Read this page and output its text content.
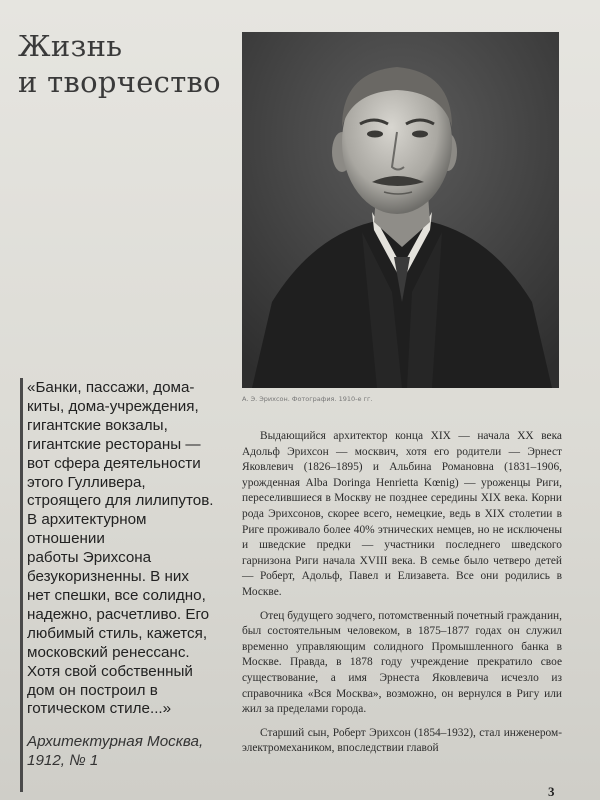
Жизнь
и творчество
А. Э. Эрихсон. Фотография. 1910-е гг.

«Банки, пассажи, дома-
киты, дома-учреждения,
гигантские вокзалы,
гигантские рестораны —
вот сфера деятельности
этого Гулливера,
строящего для лилипутов.
В архитектурном
отношении
работы Эрихсона
безукоризненны. В них
нет спешки, все солидно,
надежно, расчетливо. Его
любимый стиль, кажется,
московский ренессанс.
Хотя свой собственный
дом он построил в
готическом стиле...»

Архитектурная Москва,
1912, № 1

Выдающийся архитектор конца XIX — начала XX века Адольф Эрихсон — москвич, хотя его родители — Эрнест Яковлевич (1826–1895) и Альбина Романовна (1831–1906, урожденная Alba Doringa Henrietta Kœnig) — уроженцы Риги, переселившиеся в Москву не позднее середины XIX века. Корни рода Эрихсонов, скорее всего, немецкие, ведь в XIX столетии в Риге проживало более 40% этнических немцев, но не исключены и шведские предки — участники последнего шведского гарнизона Риги начала XVIII века. В семье было четверо детей — Роберт, Адольф, Павел и Елизавета. Все они родились в Москве.

Отец будущего зодчего, потомственный почетный гражданин, был состоятельным человеком, в 1875–1877 годах он служил временно управляющим солидного Промышленного банка в Москве. Правда, в 1878 году учреждение прекратило свое существование, а имя Эрнеста Яковлевича исчезло из справочника «Вся Москва», возможно, он вернулся в Ригу или жил за пределами города.

Старший сын, Роберт Эрихсон (1854–1932), стал инженером-электромехаником, впоследствии главой

3
